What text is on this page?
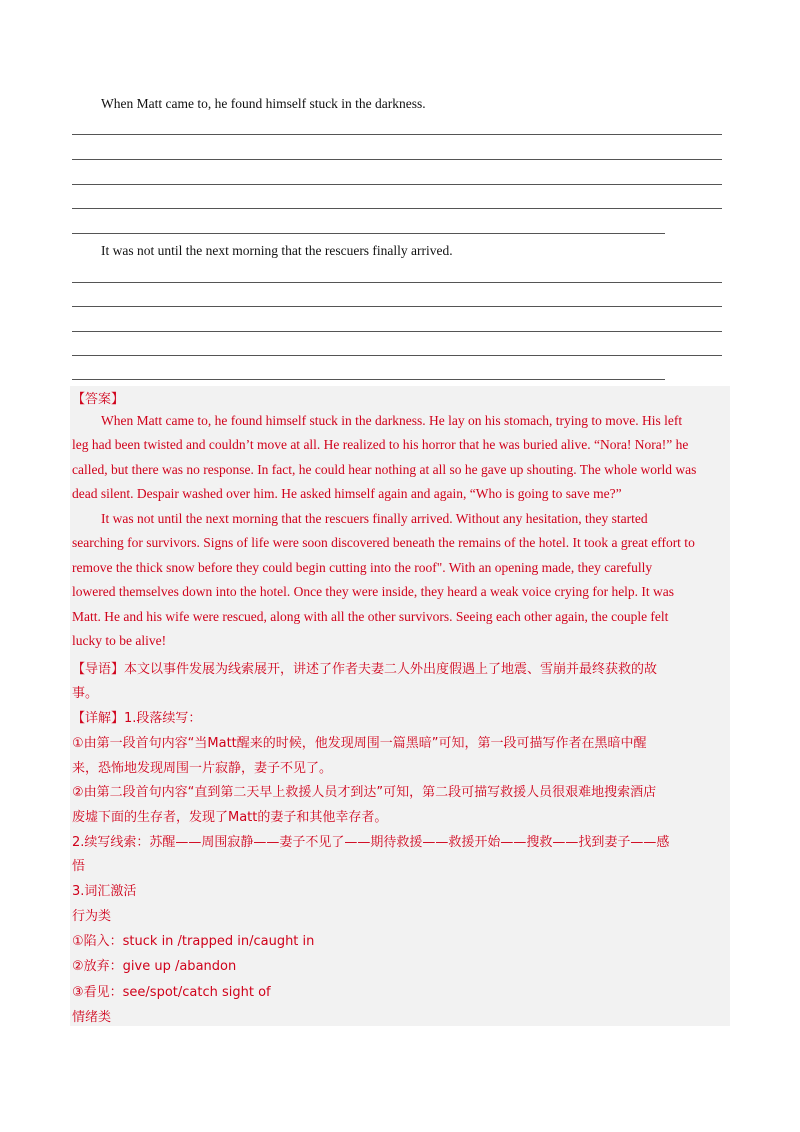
When Matt came to, he found himself stuck in the darkness.
It was not until the next morning that the rescuers finally arrived.
【答案】
When Matt came to, he found himself stuck in the darkness. He lay on his stomach, trying to move. His left
leg had been twisted and couldn’t move at all. He realized to his horror that he was buried alive. “Nora! Nora!” he
called, but there was no response. In fact, he could hear nothing at all so he gave up shouting. The whole world was
dead silent. Despair washed over him. He asked himself again and again, “Who is going to save me?”
It was not until the next morning that the rescuers finally arrived. Without any hesitation, they started
searching for survivors. Signs of life were soon discovered beneath the remains of the hotel. It took a great effort to
remove the thick snow before they could begin cutting into the roof". With an opening made, they carefully
lowered themselves down into the hotel. Once they were inside, they heard a weak voice crying for help. It was
Matt. He and his wife were rescued, along with all the other survivors. Seeing each other again, the couple felt
lucky to be alive!
【导语】本文以事件发展为线索展开，讲述了作者夫妻二人外出度假遇上了地震、雪崩并最终获救的故
事。
【详解】1.段落续写：
①由第一段首句内容“当Matt醒来的时候，他发现周围一篇黑暗”可知，第一段可描写作者在黑暗中醒
来，恐怖地发现周围一片寂静，妻子不见了。
②由第二段首句内容“直到第二天早上救援人员才到达”可知，第二段可描写救援人员很艰难地搜索酒店
废墟下面的生存者，发现了Matt的妻子和其他幸存者。
2.续写线索：苏醒——周围寂静——妻子不见了——期待救援——救援开始——搜救——找到妻子——感
悟
3.词汇激活
行为类
①陷入：stuck in /trapped in/caught in
②放弃：give up /abandon
③看见：see/spot/catch sight of
情绪类
